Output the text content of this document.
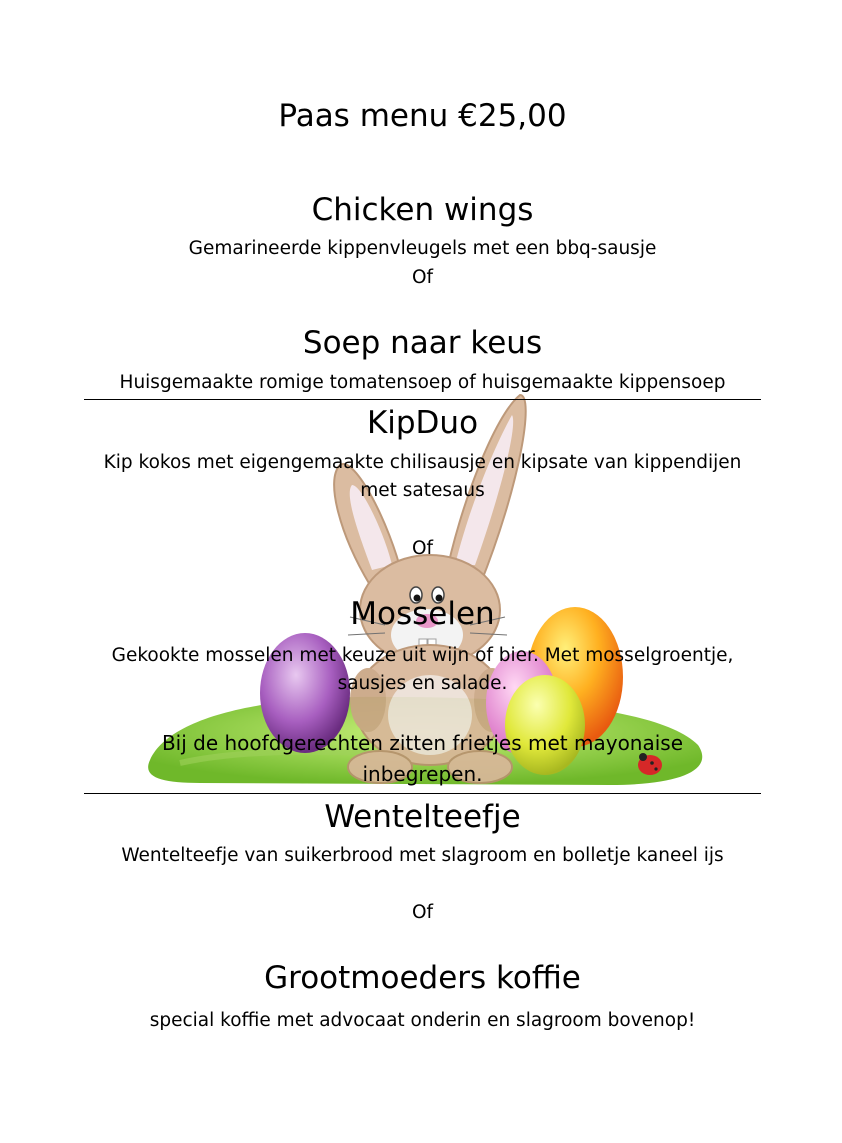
Paas menu €25,00
Chicken wings
Gemarineerde kippenvleugels met een bbq-sausje
Of
Soep naar keus
Huisgemaakte romige tomatensoep of huisgemaakte kippensoep
KipDuo
Kip kokos met eigengemaakte chilisausje en kipsate van kippendijen
met satesaus
Of
Mosselen
Gekookte mosselen met keuze uit wijn of bier. Met mosselgroentje,
sausjes en salade.
Bij de hoofdgerechten zitten frietjes met mayonaise
inbegrepen.
Wentelteefje
Wentelteefje van suikerbrood met slagroom en bolletje kaneel ijs
Of
Grootmoeders koffie
special koffie met advocaat onderin en slagroom bovenop!
